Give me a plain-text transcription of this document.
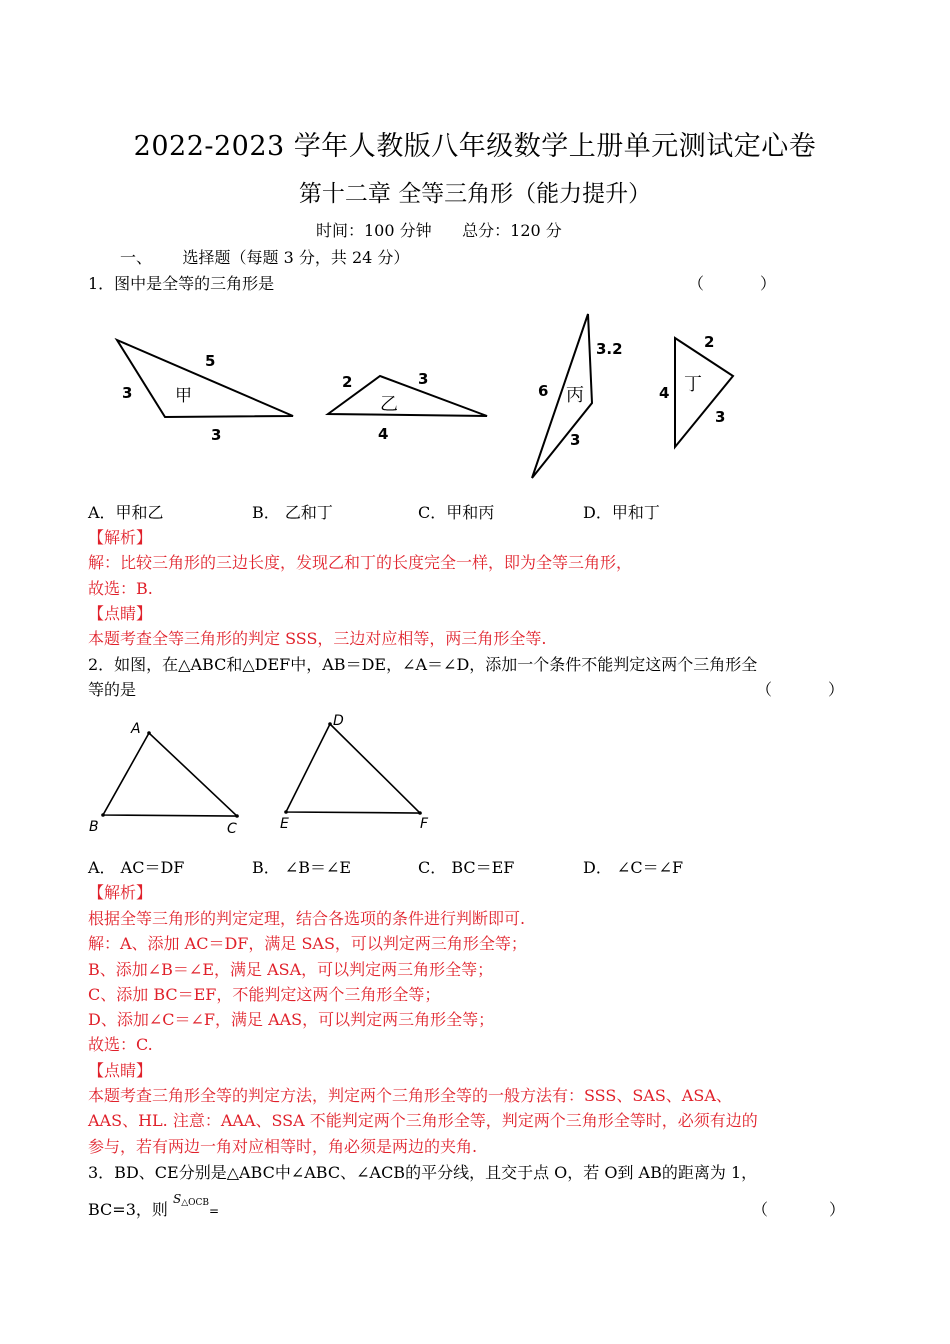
2022-2023 学年人教版八年级数学上册单元测试定心卷
第十二章 全等三角形（能力提升）
时间：100 分钟      总分：120 分
一、      选择题（每题 3 分，共 24 分）
1．图中是全等的三角形是	（           ）
5
3
3
甲
2	3
4
乙
3.2
6
3
丙
2
4
3
丁
A．甲和乙	B． 乙和丁	C．甲和丙	D．甲和丁
【解析】
解：比较三角形的三边长度，发现乙和丁的长度完全一样，即为全等三角形，
故选：B.
【点睛】
本题考查全等三角形的判定 SSS，三边对应相等，两三角形全等.
2．如图，在△ABC和△DEF中，AB＝DE，∠A＝∠D，添加一个条件不能判定这两个三角形全
等的是	（           ）
A
B	C
D
E	F
A． AC＝DF	B． ∠B＝∠E	C． BC＝EF	D． ∠C＝∠F
【解析】
根据全等三角形的判定定理，结合各选项的条件进行判断即可.
解：A、添加 AC＝DF，满足 SAS，可以判定两三角形全等；
B、添加∠B＝∠E，满足 ASA，可以判定两三角形全等；
C、添加 BC＝EF，不能判定这两个三角形全等；
D、添加∠C＝∠F，满足 AAS，可以判定两三角形全等；
故选：C.
【点睛】
本题考查三角形全等的判定方法，判定两个三角形全等的一般方法有：SSS、SAS、ASA、
AAS、HL. 注意：AAA、SSA 不能判定两个三角形全等，判定两个三角形全等时，必须有边的
参与，若有两边一角对应相等时，角必须是两边的夹角.
3．BD、CE分别是△ABC中∠ABC、∠ACB的平分线，且交于点 O，若 O到 AB的距离为 1，
BC=3，则 $^{S\triangle OCB}$=	（            ）
